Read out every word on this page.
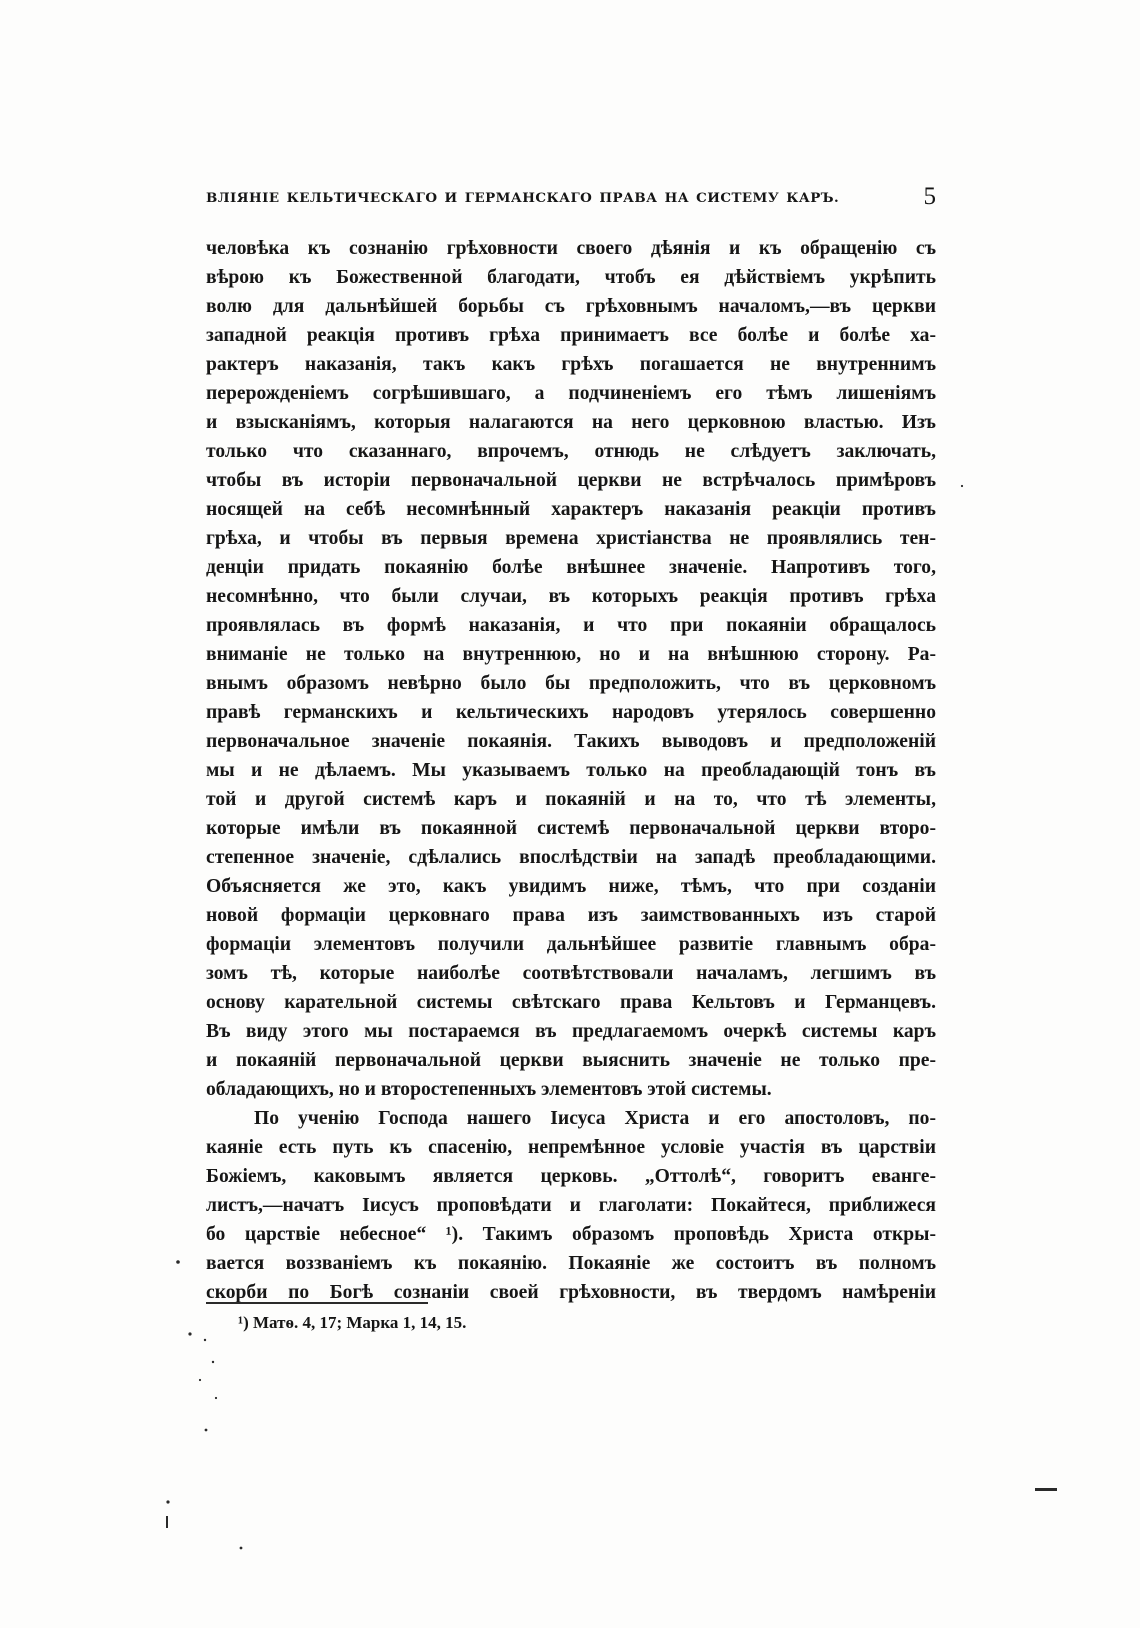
ВЛІЯНІЕ КЕЛЬТИЧЕСКАГО И ГЕРМАНСКАГО ПРАВА НА СИСТЕМУ КАРЪ.	5
человѣка къ сознанію грѣховности своего дѣянія и къ обращенію съ
вѣрою къ Божественной благодати, чтобъ ея дѣйствіемъ укрѣпить
волю для дальнѣйшей борьбы съ грѣховнымъ началомъ,—въ церкви
западной реакція противъ грѣха принимаетъ все болѣе и болѣе ха-
рактеръ наказанія, такъ какъ грѣхъ погашается не внутреннимъ
перерожденіемъ согрѣшившаго, а подчиненіемъ его тѣмъ лишеніямъ
и взысканіямъ, которыя налагаются на него церковною властью. Изъ
только что сказаннаго, впрочемъ, отнюдь не слѣдуетъ заключать,
чтобы въ исторіи первоначальной церкви не встрѣчалось примѣровъ
носящей на себѣ несомнѣнный характеръ наказанія реакціи противъ
грѣха, и чтобы въ первыя времена христіанства не проявлялись тен-
денціи придать покаянію болѣе внѣшнее значеніе. Напротивъ того,
несомнѣнно, что были случаи, въ которыхъ реакція противъ грѣха
проявлялась въ формѣ наказанія, и что при покаяніи обращалось
вниманіе не только на внутреннюю, но и на внѣшнюю сторону. Ра-
внымъ образомъ невѣрно было бы предположить, что въ церковномъ
правѣ германскихъ и кельтическихъ народовъ утерялось совершенно
первоначальное значеніе покаянія. Такихъ выводовъ и предположеній
мы и не дѣлаемъ. Мы указываемъ только на преобладающій тонъ въ
той и другой системѣ каръ и покаяній и на то, что тѣ элементы,
которые имѣли въ покаянной системѣ первоначальной церкви второ-
степенное значеніе, сдѣлались впослѣдствіи на западѣ преобладающими.
Объясняется же это, какъ увидимъ ниже, тѣмъ, что при созданіи
новой формаціи церковнаго права изъ заимствованныхъ изъ старой
формаціи элементовъ получили дальнѣйшее развитіе главнымъ обра-
зомъ тѣ, которые наиболѣе соотвѣтствовали началамъ, легшимъ въ
основу карательной системы свѣтскаго права Кельтовъ и Германцевъ.
Въ виду этого мы постараемся въ предлагаемомъ очеркѣ системы каръ
и покаяній первоначальной церкви выяснить значеніе не только пре-
обладающихъ, но и второстепенныхъ элементовъ этой системы.
По ученію Господа нашего Іисуса Христа и его апостоловъ, по-
каяніе есть путь къ спасенію, непремѣнное условіе участія въ царствіи
Божіемъ, каковымъ является церковь. „Оттолѣ“, говоритъ еванге-
листъ,—начатъ Іисусъ проповѣдати и глаголати: Покайтеся, приближеся
бо царствіе небесное“ ¹). Такимъ образомъ проповѣдь Христа откры-
вается воззваніемъ къ покаянію. Покаяніе же состоитъ въ полномъ
скорби по Богѣ сознаніи своей грѣховности, въ твердомъ намѣреніи
¹) Матѳ. 4, 17; Марка 1, 14, 15.
